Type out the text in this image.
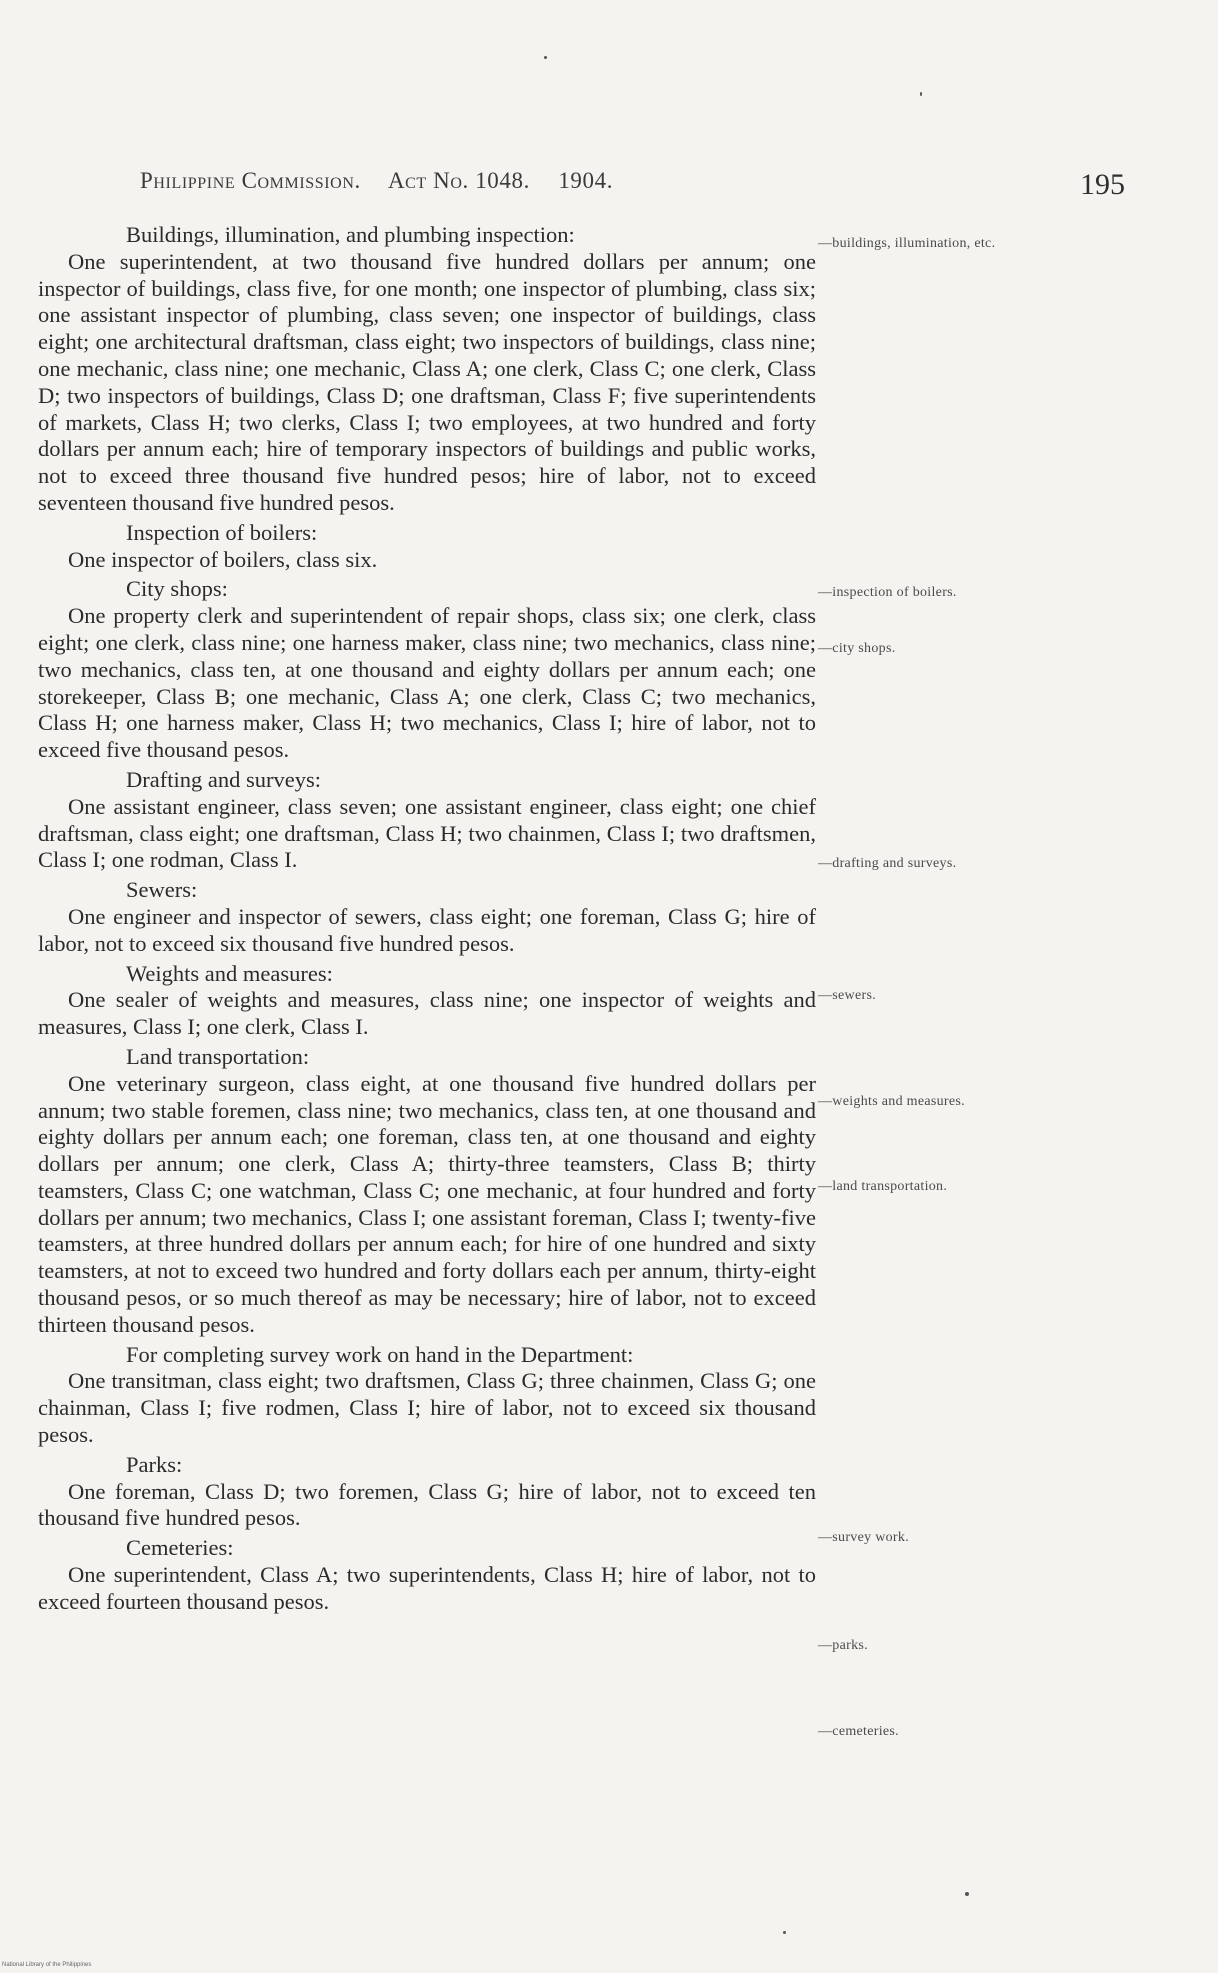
Philippine Commission. Act No. 1048. 1904.	195

Buildings, illumination, and plumbing inspection:

One superintendent, at two thousand five hundred dollars per annum; one inspector of buildings, class five, for one month; one inspector of plumbing, class six; one assistant inspector of plumbing, class seven; one inspector of buildings, class eight; one architectural draftsman, class eight; two inspectors of buildings, class nine; one mechanic, class nine; one mechanic, Class A; one clerk, Class C; one clerk, Class D; two inspectors of buildings, Class D; one draftsman, Class F; five superintendents of markets, Class H; two clerks, Class I; two employees, at two hundred and forty dollars per annum each; hire of temporary inspectors of buildings and public works, not to exceed three thousand five hundred pesos; hire of labor, not to exceed seventeen thousand five hundred pesos.

Inspection of boilers:

One inspector of boilers, class six.

City shops:

One property clerk and superintendent of repair shops, class six; one clerk, class eight; one clerk, class nine; one harness maker, class nine; two mechanics, class nine; two mechanics, class ten, at one thousand and eighty dollars per annum each; one storekeeper, Class B; one mechanic, Class A; one clerk, Class C; two mechanics, Class H; one harness maker, Class H; two mechanics, Class I; hire of labor, not to exceed five thousand pesos.

Drafting and surveys:

One assistant engineer, class seven; one assistant engineer, class eight; one chief draftsman, class eight; one draftsman, Class H; two chainmen, Class I; two draftsmen, Class I; one rodman, Class I.

Sewers:

One engineer and inspector of sewers, class eight; one foreman, Class G; hire of labor, not to exceed six thousand five hundred pesos.

Weights and measures:

One sealer of weights and measures, class nine; one inspector of weights and measures, Class I; one clerk, Class I.

Land transportation:

One veterinary surgeon, class eight, at one thousand five hundred dollars per annum; two stable foremen, class nine; two mechanics, class ten, at one thousand and eighty dollars per annum each; one foreman, class ten, at one thousand and eighty dollars per annum; one clerk, Class A; thirty-three teamsters, Class B; thirty teamsters, Class C; one watchman, Class C; one mechanic, at four hundred and forty dollars per annum; two mechanics, Class I; one assistant foreman, Class I; twenty-five teamsters, at three hundred dollars per annum each; for hire of one hundred and sixty teamsters, at not to exceed two hundred and forty dollars each per annum, thirty-eight thousand pesos, or so much thereof as may be necessary; hire of labor, not to exceed thirteen thousand pesos.

For completing survey work on hand in the Department:

One transitman, class eight; two draftsmen, Class G; three chainmen, Class G; one chainman, Class I; five rodmen, Class I; hire of labor, not to exceed six thousand pesos.

Parks:

One foreman, Class D; two foremen, Class G; hire of labor, not to exceed ten thousand five hundred pesos.

Cemeteries:

One superintendent, Class A; two superintendents, Class H; hire of labor, not to exceed fourteen thousand pesos.

—buildings, illumination, etc.
—inspection of boilers.
—city shops.
—drafting and surveys.
—sewers.
—weights and measures.
—land transportation.
—survey work.
—parks.
—cemeteries.
National Library of the Philippines
